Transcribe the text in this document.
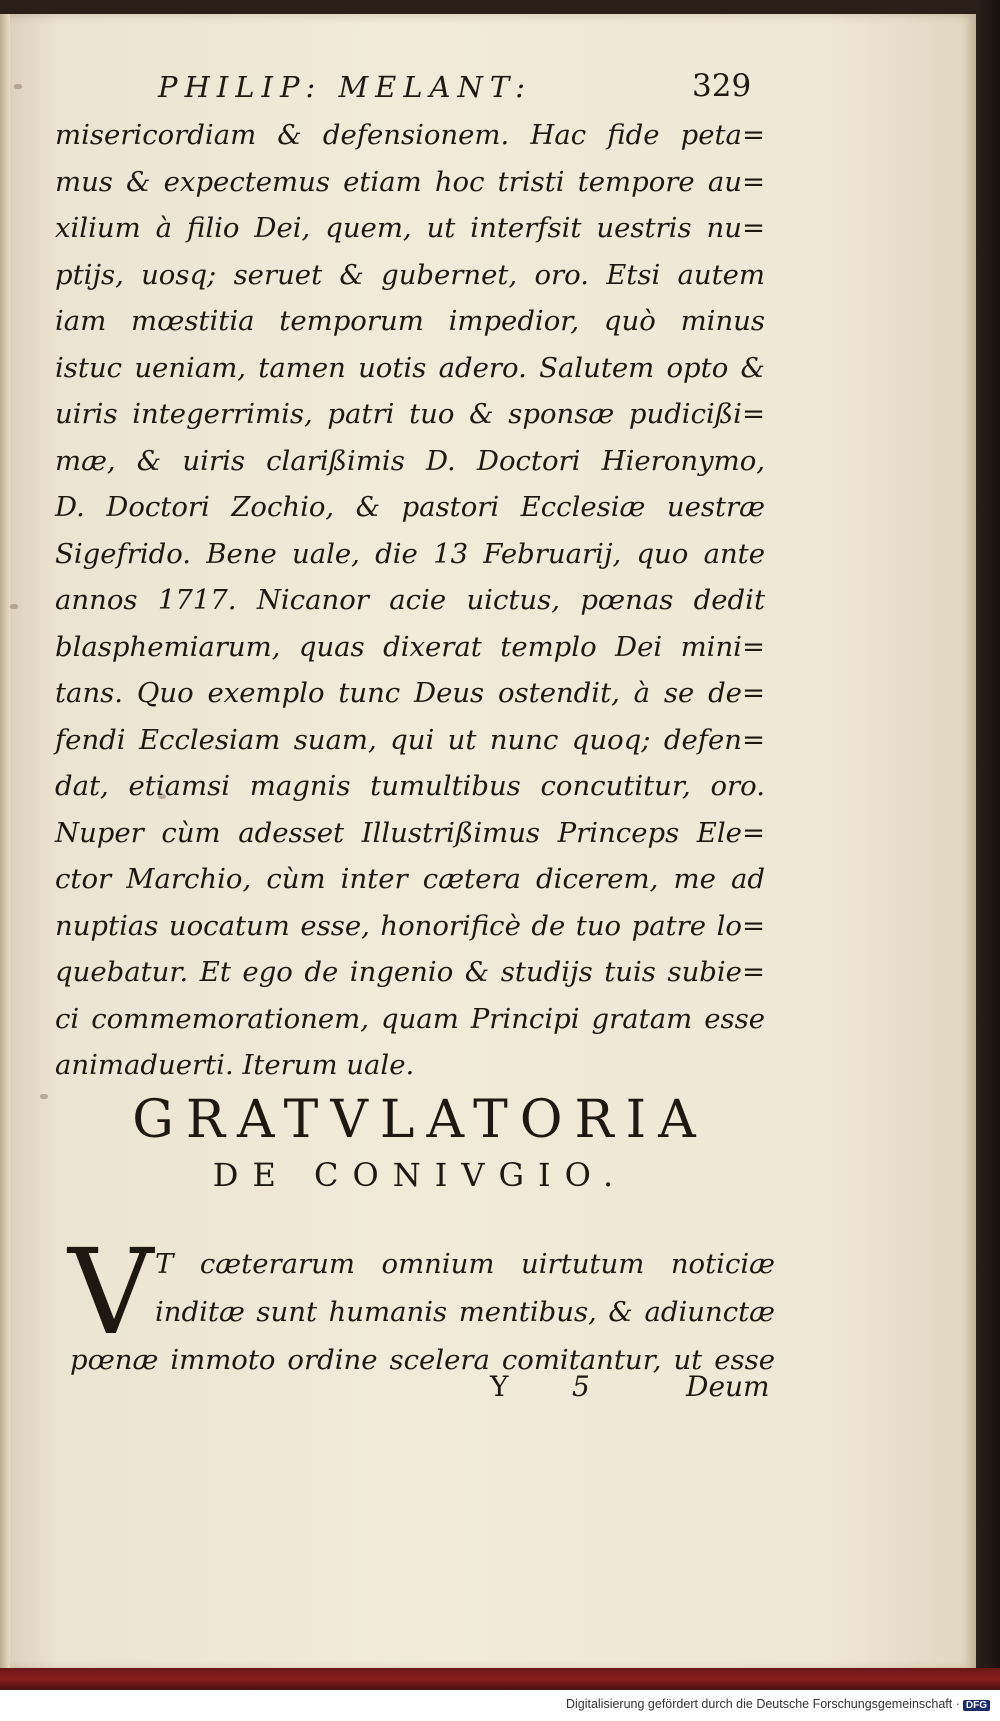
PHILIP: MELANT:	329
misericordiam & defensionem. Hac fide peta=
mus & expectemus etiam hoc tristi tempore au=
xilium à filio Dei, quem, ut interfsit uestris nu=
ptijs, uosq; seruet & gubernet, oro. Etsi autem
iam mœstitia temporum impedior, quò minus
istuc ueniam, tamen uotis adero. Salutem opto &
uiris integerrimis, patri tuo & sponsæ pudicißi=
mæ, & uiris clarißimis D. Doctori Hieronymo,
D. Doctori Zochio, & pastori Ecclesiæ uestræ
Sigefrido. Bene uale, die 13 Februarij, quo ante
annos 1717. Nicanor acie uictus, pœnas dedit
blasphemiarum, quas dixerat templo Dei mini=
tans. Quo exemplo tunc Deus ostendit, à se de=
fendi Ecclesiam suam, qui ut nunc quoq; defen=
dat, etiamsi magnis tumultibus concutitur, oro.
Nuper cùm adesset Illustrißimus Princeps Ele=
ctor Marchio, cùm inter cætera dicerem, me ad
nuptias uocatum esse, honorificè de tuo patre lo=
quebatur. Et ego de ingenio & studijs tuis subie=
ci commemorationem, quam Principi gratam esse
animaduerti. Iterum uale.
GRATVLATORIA
DE CONIVGIO.
V T cæterarum omnium uirtutum noticiæ
inditæ sunt humanis mentibus, & adiunctæ
pœnæ immoto ordine scelera comitantur, ut esse
Y 5	Deum
Digitalisierung gefördert durch die Deutsche Forschungsgemeinschaft · DFG
